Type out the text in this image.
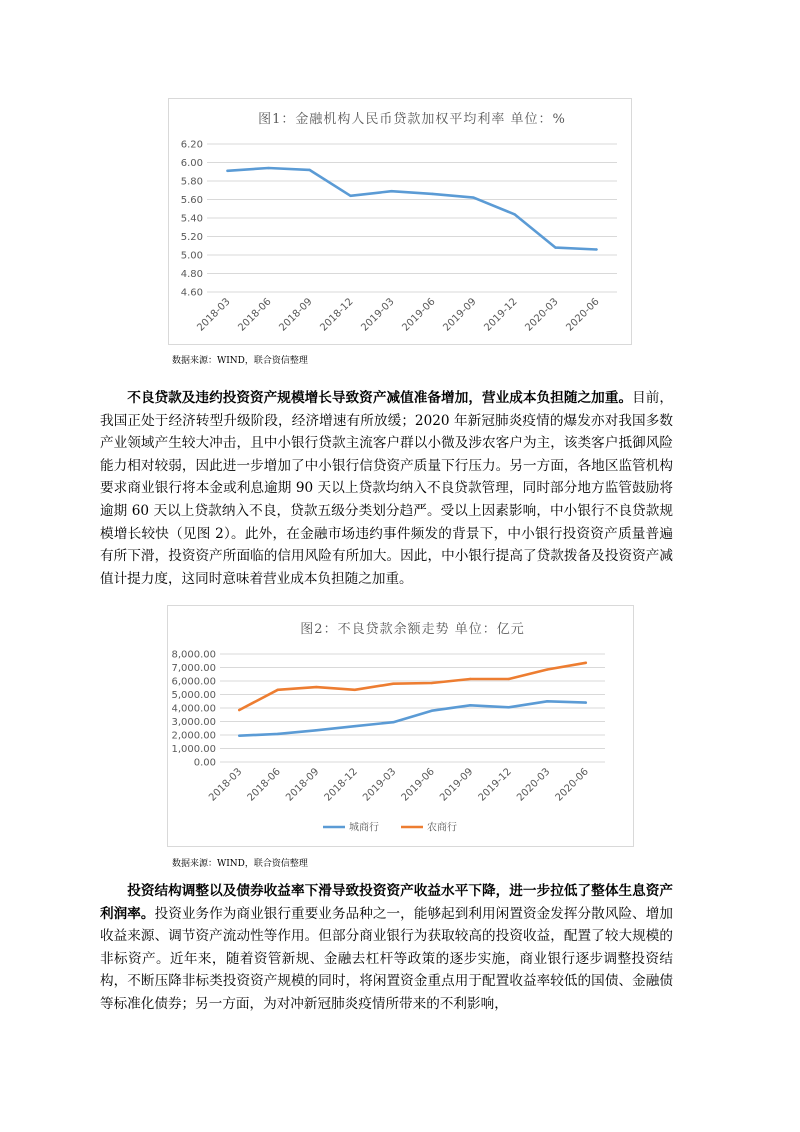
图1：金融机构人民币贷款加权平均利率 单位：%
4.60
4.80
5.00
5.20
5.40
5.60
5.80
6.00
6.20
2018-03 2018-06 2018-09 2018-12 2019-03 2019-06 2019-09 2019-12 2020-03 2020-06
数据来源：WIND，联合资信整理

不良贷款及违约投资资产规模增长导致资产减值准备增加，营业成本负担随之加重。目前，我国正处于经济转型升级阶段，经济增速有所放缓；2020 年新冠肺炎疫情的爆发亦对我国多数产业领域产生较大冲击，且中小银行贷款主流客户群以小微及涉农客户为主，该类客户抵御风险能力相对较弱，因此进一步增加了中小银行信贷资产质量下行压力。另一方面，各地区监管机构要求商业银行将本金或利息逾期 90 天以上贷款均纳入不良贷款管理，同时部分地方监管鼓励将逾期 60 天以上贷款纳入不良，贷款五级分类划分趋严。受以上因素影响，中小银行不良贷款规模增长较快（见图 2）。此外，在金融市场违约事件频发的背景下，中小银行投资资产质量普遍有所下滑，投资资产所面临的信用风险有所加大。因此，中小银行提高了贷款拨备及投资资产减值计提力度，这同时意味着营业成本负担随之加重。

图2：不良贷款余额走势 单位：亿元
0.00
1,000.00
2,000.00
3,000.00
4,000.00
5,000.00
6,000.00
7,000.00
8,000.00
2018-03 2018-06 2018-09 2018-12 2019-03 2019-06 2019-09 2019-12 2020-03 2020-06
城商行	农商行
数据来源：WIND，联合资信整理

投资结构调整以及债券收益率下滑导致投资资产收益水平下降，进一步拉低了整体生息资产利润率。投资业务作为商业银行重要业务品种之一，能够起到利用闲置资金发挥分散风险、增加收益来源、调节资产流动性等作用。但部分商业银行为获取较高的投资收益，配置了较大规模的非标资产。近年来，随着资管新规、金融去杠杆等政策的逐步实施，商业银行逐步调整投资结构，不断压降非标类投资资产规模的同时，将闲置资金重点用于配置收益率较低的国债、金融债等标准化债券；另一方面，为对冲新冠肺炎疫情所带来的不利影响，
